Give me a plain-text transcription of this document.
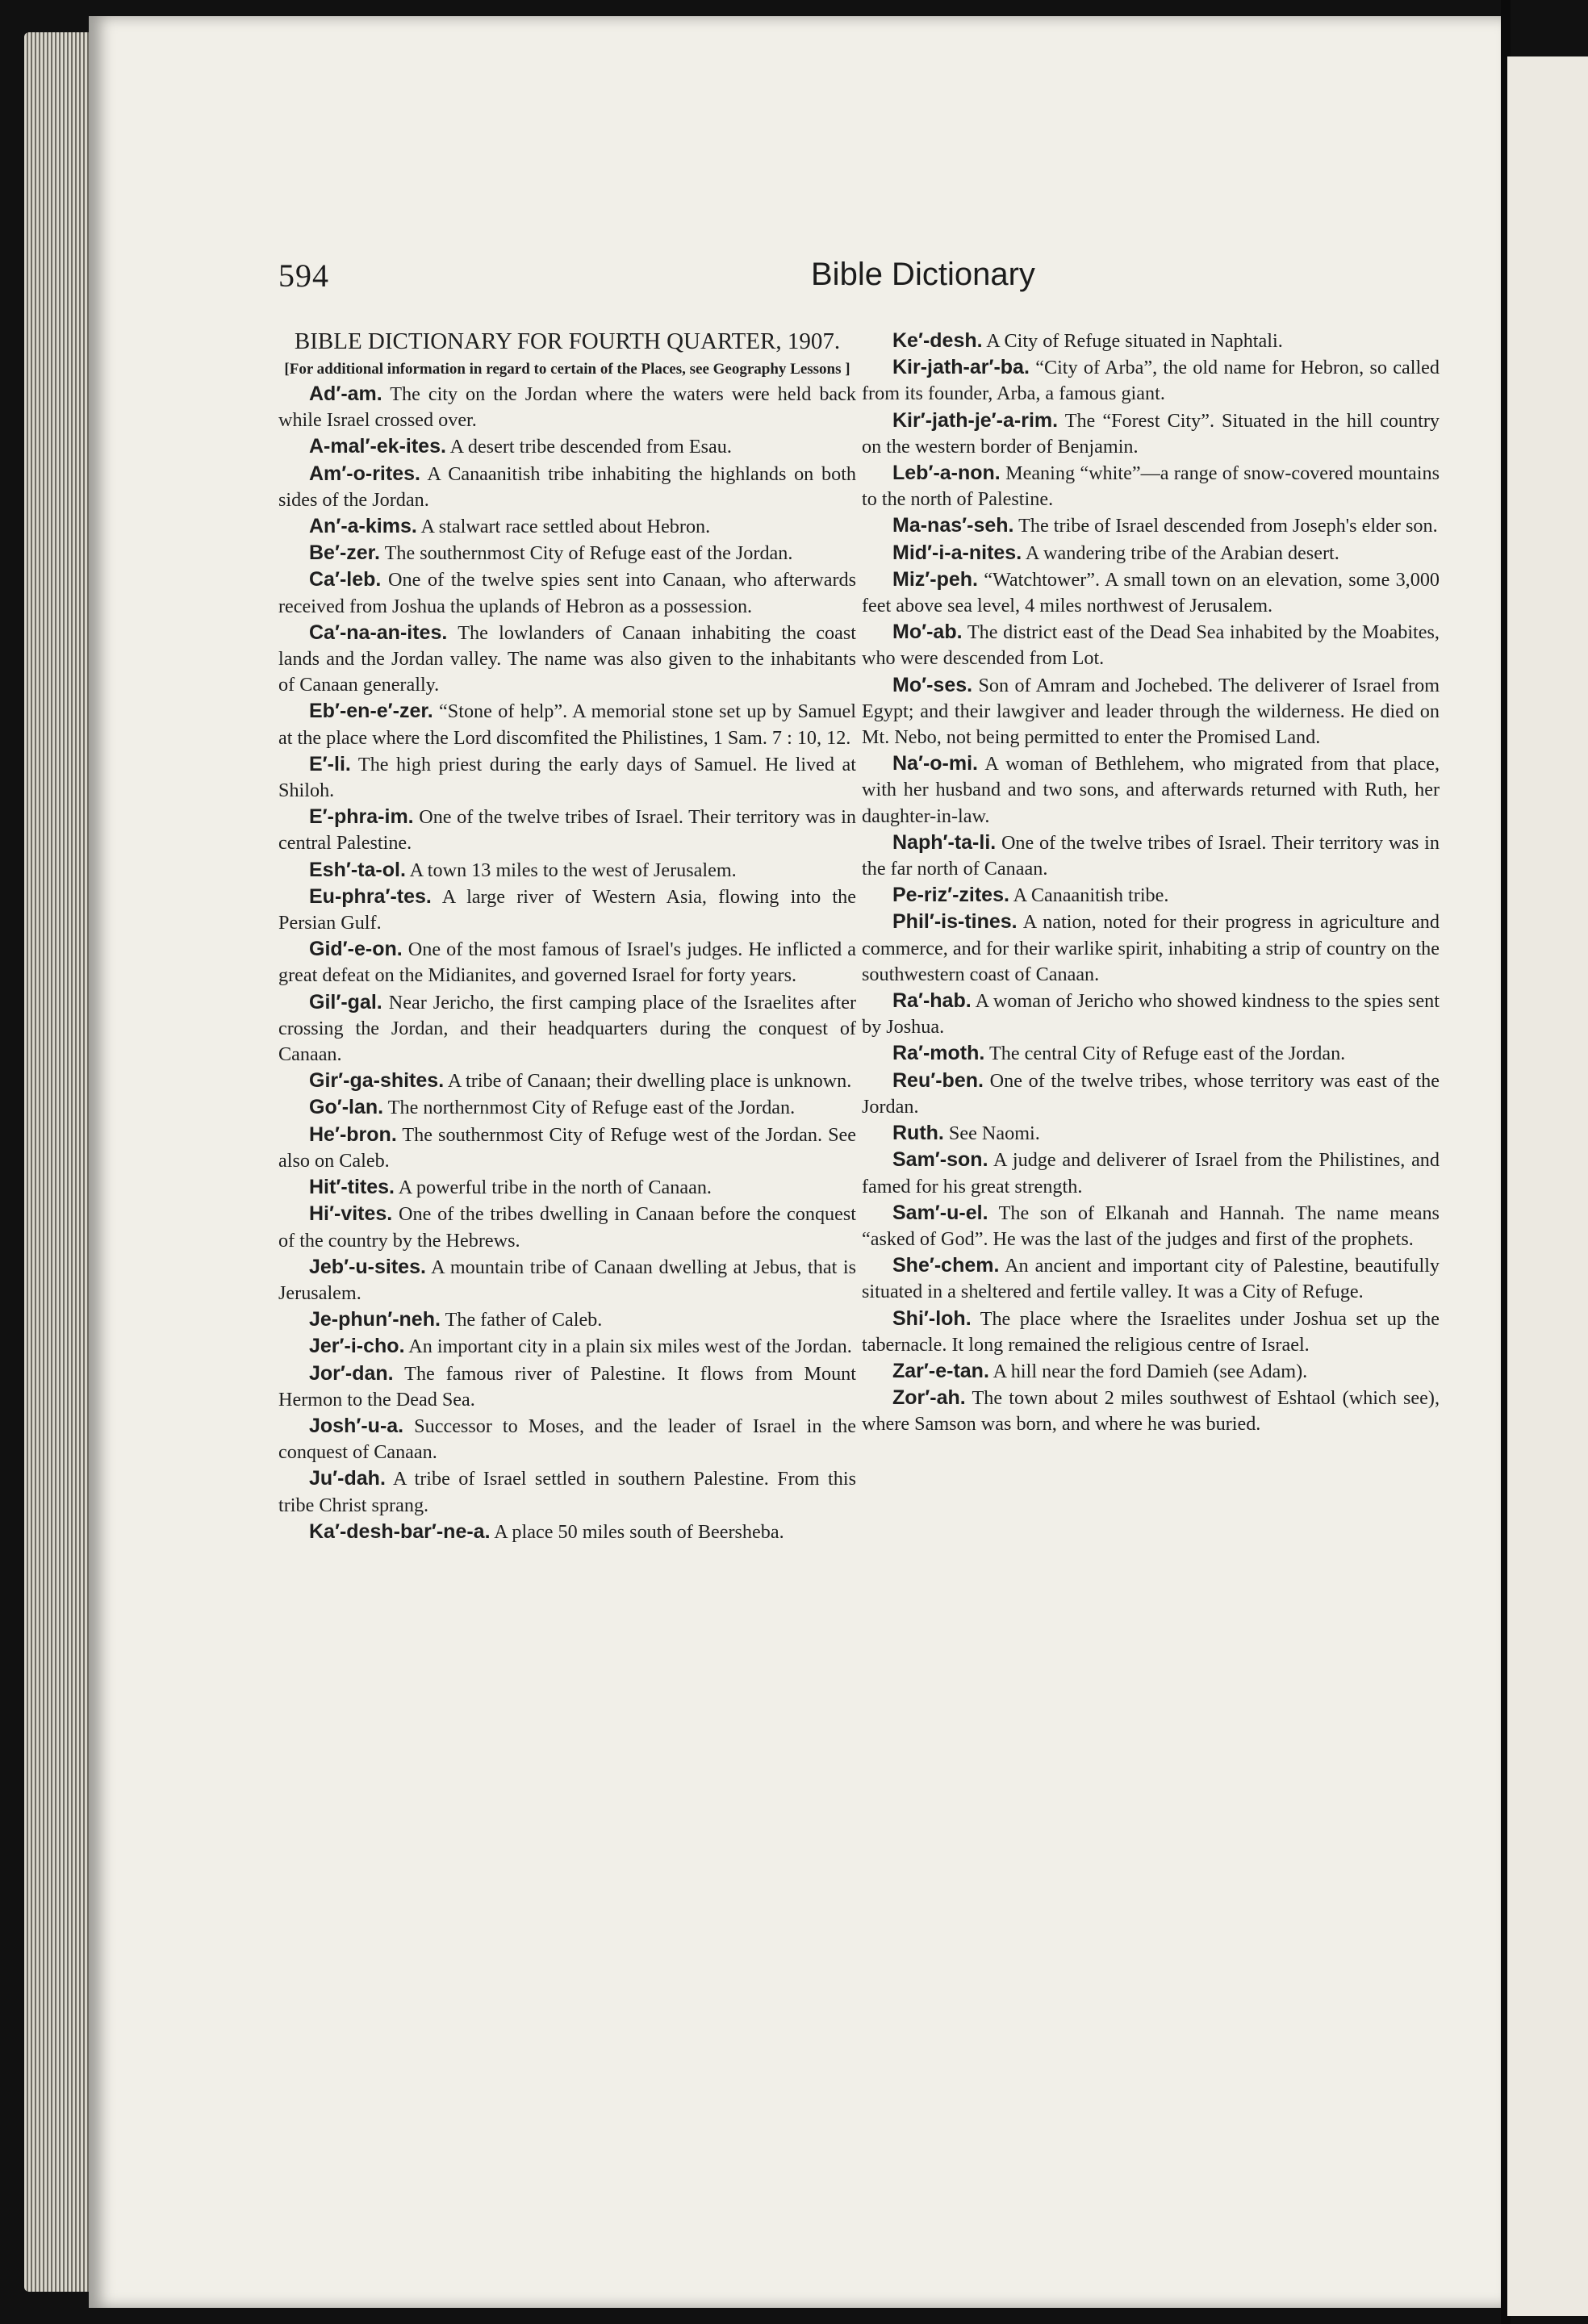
594	Bible Dictionary

BIBLE DICTIONARY FOR FOURTH QUARTER, 1907.

[For additional information in regard to certain of the Places, see Geography Lessons ]

Ad′-am. The city on the Jordan where the waters were held back while Israel crossed over.

A-mal′-ek-ites. A desert tribe descended from Esau.

Am′-o-rites. A Canaanitish tribe inhabiting the highlands on both sides of the Jordan.

An′-a-kims. A stalwart race settled about Hebron.

Be′-zer. The southernmost City of Refuge east of the Jordan.

Ca′-leb. One of the twelve spies sent into Canaan, who afterwards received from Joshua the uplands of Hebron as a possession.

Ca′-na-an-ites. The lowlanders of Canaan inhabiting the coast lands and the Jordan valley. The name was also given to the inhabitants of Canaan generally.

Eb′-en-e′-zer. “Stone of help”. A memorial stone set up by Samuel at the place where the Lord discomfited the Philistines, 1 Sam. 7 : 10, 12.

E′-li. The high priest during the early days of Samuel. He lived at Shiloh.

E′-phra-im. One of the twelve tribes of Israel. Their territory was in central Palestine.

Esh′-ta-ol. A town 13 miles to the west of Jerusalem.

Eu-phra′-tes. A large river of Western Asia, flowing into the Persian Gulf.

Gid′-e-on. One of the most famous of Israel's judges. He inflicted a great defeat on the Midianites, and governed Israel for forty years.

Gil′-gal. Near Jericho, the first camping place of the Israelites after crossing the Jordan, and their headquarters during the conquest of Canaan.

Gir′-ga-shites. A tribe of Canaan; their dwelling place is unknown.

Go′-lan. The northernmost City of Refuge east of the Jordan.

He′-bron. The southernmost City of Refuge west of the Jordan. See also on Caleb.

Hit′-tites. A powerful tribe in the north of Canaan.

Hi′-vites. One of the tribes dwelling in Canaan before the conquest of the country by the Hebrews.

Jeb′-u-sites. A mountain tribe of Canaan dwelling at Jebus, that is Jerusalem.

Je-phun′-neh. The father of Caleb.

Jer′-i-cho. An important city in a plain six miles west of the Jordan.

Jor′-dan. The famous river of Palestine. It flows from Mount Hermon to the Dead Sea.

Josh′-u-a. Successor to Moses, and the leader of Israel in the conquest of Canaan.

Ju′-dah. A tribe of Israel settled in southern Palestine. From this tribe Christ sprang.

Ka′-desh-bar′-ne-a. A place 50 miles south of Beersheba.

Ke′-desh. A City of Refuge situated in Naphtali.

Kir-jath-ar′-ba. “City of Arba”, the old name for Hebron, so called from its founder, Arba, a famous giant.

Kir′-jath-je′-a-rim. The “Forest City”. Situated in the hill country on the western border of Benjamin.

Leb′-a-non. Meaning “white”—a range of snow-covered mountains to the north of Palestine.

Ma-nas′-seh. The tribe of Israel descended from Joseph's elder son.

Mid′-i-a-nites. A wandering tribe of the Arabian desert.

Miz′-peh. “Watchtower”. A small town on an elevation, some 3,000 feet above sea level, 4 miles northwest of Jerusalem.

Mo′-ab. The district east of the Dead Sea inhabited by the Moabites, who were descended from Lot.

Mo′-ses. Son of Amram and Jochebed. The deliverer of Israel from Egypt; and their lawgiver and leader through the wilderness. He died on Mt. Nebo, not being permitted to enter the Promised Land.

Na′-o-mi. A woman of Bethlehem, who migrated from that place, with her husband and two sons, and afterwards returned with Ruth, her daughter-in-law.

Naph′-ta-li. One of the twelve tribes of Israel. Their territory was in the far north of Canaan.

Pe-riz′-zites. A Canaanitish tribe.

Phil′-is-tines. A nation, noted for their progress in agriculture and commerce, and for their warlike spirit, inhabiting a strip of country on the southwestern coast of Canaan.

Ra′-hab. A woman of Jericho who showed kindness to the spies sent by Joshua.

Ra′-moth. The central City of Refuge east of the Jordan.

Reu′-ben. One of the twelve tribes, whose territory was east of the Jordan.

Ruth. See Naomi.

Sam′-son. A judge and deliverer of Israel from the Philistines, and famed for his great strength.

Sam′-u-el. The son of Elkanah and Hannah. The name means “asked of God”. He was the last of the judges and first of the prophets.

She′-chem. An ancient and important city of Palestine, beautifully situated in a sheltered and fertile valley. It was a City of Refuge.

Shi′-loh. The place where the Israelites under Joshua set up the tabernacle. It long remained the religious centre of Israel.

Zar′-e-tan. A hill near the ford Damieh (see Adam).

Zor′-ah. The town about 2 miles southwest of Eshtaol (which see), where Samson was born, and where he was buried.
